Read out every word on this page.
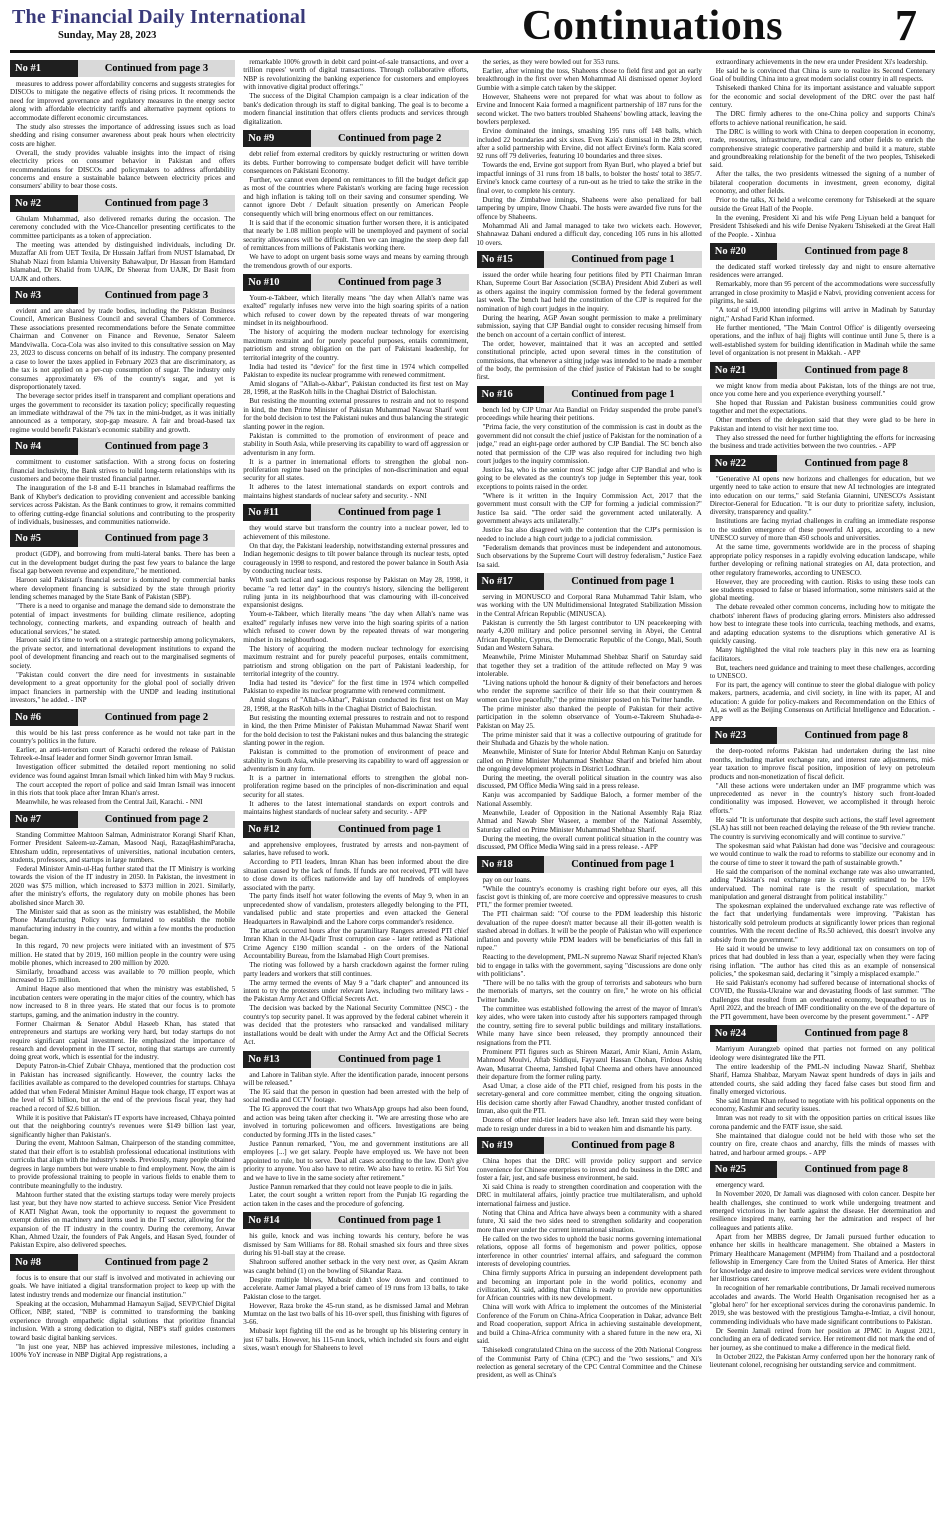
The Financial Daily International
Sunday, May 28, 2023	Continuations	7
No #1	Continued from page 3

measures to address power affordability concerns and suggests strategies for DISCOs to mitigate the negative effects of rising prices. It recommends the need for improved governance and regulatory measures in the energy sector along with affordable electricity tariffs and alternative payment options to accommodate different economic circumstances.

The study also stresses the importance of addressing issues such as load shedding and rising consumer awareness about peak hours when electricity costs are higher.

Overall, the study provides valuable insights into the impact of rising electricity prices on consumer behavior in Pakistan and offers recommendations for DISCOs and policymakers to address affordability concerns and ensure a sustainable balance between electricity prices and consumers' ability to bear those costs.

No #2	Continued from page 3

Ghulam Muhammad, also delivered remarks during the occasion. The ceremony concluded with the Vice-Chancellor presenting certificates to the committee participants as a token of appreciation.

The meeting was attended by distinguished individuals, including Dr. Muzaffar Ali from UET Texila, Dr Hussain Jaffari from NUST Islamabad, Dr Shahab Niazi from Islamia University Bahawalpur, Dr Hassan from Hamdard Islamabad, Dr Khalid from UAJK, Dr Sheeraz from UAJK, Dr Basit from UAJK and others.

No #3	Continued from page 3

evident and are shared by trade bodies, including the Pakistan Business Council, American Business Council and several Chambers of Commerce. These associations presented recommendations before the Senate committee Chairman and Convener on Finance and Revenue, Senator Saleem Mandviwalla. Coca-Cola was also invited to this consultative session on May 23, 2023 to discuss concerns on behalf of its industry. The company presented a case to lower the taxes applied in February 2023 that are discriminatory, as the tax is not applied on a per-cup consumption of sugar. The industry only consumes approximately 6% of the country's sugar, and yet is disproportionately taxed.

The beverage sector prides itself in transparent and compliant operations and urges the government to reconsider its taxation policy; specifically requesting an immediate withdrawal of the 7% tax in the mini-budget, as it was initially announced as a temporary, stop-gap measure. A fair and broad-based tax regime would benefit Pakistan's economic stability and growth.

No #4	Continued from page 3

commitment to customer satisfaction. With a strong focus on fostering financial inclusivity, the Bank strives to build long-term relationships with its customers and become their trusted financial partner.

The inauguration of the I-8 and E-11 branches in Islamabad reaffirms the Bank of Khyber's dedication to providing convenient and accessible banking services across Pakistan. As the Bank continues to grow, it remains committed to offering cutting-edge financial solutions and contributing to the prosperity of individuals, businesses, and communities nationwide.

No #5	Continued from page 3

product (GDP), and borrowing from multi-lateral banks. There has been a cut in the development budget during the past few years to balance the large fiscal gap between revenue and expenditure," he mentioned.

Haroon said Pakistan's financial sector is dominated by commercial banks where development financing is subsidized by the state through priority lending schemes managed by the State Bank of Pakistan (SBP).

"There is a need to organise and manage the demand side to demonstrate the potential of impact investments for building climate resilience, adopting technology, connecting markets, and expanding outreach of health and educational services," he stated.

Haroon said it's time to work on a strategic partnership among policymakers, the private sector, and international development institutions to expand the pool of development financing and reach out to the marginalised segments of society.

"Pakistan could convert the dire need for investments in sustainable development to a great opportunity for the global pool of socially driven impact financiers in partnership with the UNDP and leading institutional investors," he added. - INP

No #6	Continued from page 2

this would be his last press conference as he would not take part in the country's politics in the future.

Earlier, an anti-terrorism court of Karachi ordered the release of Pakistan Tehreek-e-Insaf leader and former Sindh governor Imran Ismail.

Investigation officer submitted the detailed report mentioning no solid evidence was found against Imran Ismail which linked him with May 9 ruckus.

The court accepted the report of police and said Imran Ismail was innocent in this riots that took place after Imran Khan's arrest.

Meanwhile, he was released from the Central Jail, Karachi. - NNI

No #7	Continued from page 2

Standing Committee Mahtoon Salman, Administrator Korangi Sharif Khan, Former President Saleem-uz-Zaman, Masood Naqi, RazaqHashimParacha, Ehtesham uddin, representatives of universities, national incubation centers, students, professors, and startups in large numbers.

Federal Minister Amin-ul-Haq further stated that the IT Ministry is working towards the vision of the IT industry in 2050. In Pakistan, the investment in 2020 was $75 million, which increased to $373 million in 2021. Similarly, after the ministry's efforts, the regulatory duty on mobile phones has been abolished since March 30.

The Minister said that as soon as the ministry was established, the Mobile Phone Manufacturing Policy was formulated to establish the mobile manufacturing industry in the country, and within a few months the production began.

In this regard, 70 new projects were initiated with an investment of $75 million. He stated that by 2019, 160 million people in the country were using mobile phones, which increased to 200 million by 2020.

Similarly, broadband access was available to 70 million people, which increased to 125 million.

Aminul Haque also mentioned that when the ministry was established, 5 incubation centers were operating in the major cities of the country, which has now increased to 8 in three years. He stated that our focus is to promote startups, gaming, and the animation industry in the country.

Former Chairman & Senator Abdul Haseeb Khan, has stated that entrepreneurs and startups are working very hard, but today startups do not require significant capital investment. He emphasized the importance of research and development in the IT sector, noting that startups are currently doing great work, which is essential for the industry.

Deputy Patron-in-Chief Zubair Chhaya, mentioned that the production cost in Pakistan has increased significantly. However, the country lacks the facilities available as compared to the developed countries for startups. Chhaya added that when Federal Minister Aminul Haque took charge, IT export was at the level of $1 billion, but at the end of the previous fiscal year, they had reached a record of $2.6 billion.

While it is positive that Pakistan's IT exports have increased, Chhaya pointed out that the neighboring country's revenues were $149 billion last year, significantly higher than Pakistan's.

During the event, Mahtoon Salman, Chairperson of the standing committee, stated that their effort is to establish professional educational institutions with curricula that align with the industry's needs. Previously, many people obtained degrees in large numbers but were unable to find employment. Now, the aim is to provide professional training to people in various fields to enable them to contribute meaningfully to the industry.

Mahtoon further stated that the existing startups today were merely projects last year, but they have now started to achieve success. Senior Vice President of KATI Nighat Awan, took the opportunity to request the government to exempt duties on machinery and items used in the IT sector, allowing for the expansion of the IT industry in the country. During the ceremony, Anwar Khan, Ahmed Uzair, the founders of Pak Angels, and Hasan Syed, founder of Pakistan Expire, also delivered speeches.

No #8	Continued from page 2

focus is to ensure that our staff is involved and motivated in achieving our goals. We have initiated a digital transformation project to keep up with the latest industry trends and modernize our financial institution."

Speaking at the occasion, Muhammad Hamayun Sajjad, SEVP/Chief Digital Officer, NBP, stated, "NBP is committed to transforming the banking experience through empathetic digital solutions that prioritize financial inclusion. With a strong dedication to digital, NBP's staff guides customers toward basic digital banking services.

"In just one year, NBP has achieved impressive milestones, including a 100% YoY increase in NBP Digital App registrations, a

remarkable 100% growth in debit card point-of-sale transactions, and over a trillion rupees' worth of digital transactions. Through collaborative efforts, NBP is revolutionizing the banking experience for customers and employees with innovative digital product offerings."

The success of the Digital Champion campaign is a clear indication of the bank's dedication through its staff to digital banking. The goal is to become a modern financial institution that offers clients products and services through digitalization.

No #9	Continued from page 2

debt relief from external creditors by quickly restructuring or written down its debts. Further borrowing to compensate budget deficit will have terrible consequences on Pakistani Economy.

Further, we cannot even depend on remittances to fill the budget deficit gap as most of the countries where Pakistan's working are facing huge recession and high inflation is taking toll on their saving and consumer spending. We cannot ignore Debt / Default situation presently on American People consequently which will bring enormous effect on our remittances.

It is said that if the economic situation further worsen there, it is anticipated that nearly be 1.08 million people will be unemployed and payment of social security allowances will be difficult. Then we can imagine the steep deep fall of remittances from millions of Pakistanis working there.

We have to adopt on urgent basis some ways and means by earning through the tremendous growth of our exports.

No #10	Continued from page 3

Youm-e-Takbeer, which literally means "the day when Allah's name was exalted" regularly infuses new verve into the high soaring spirits of a nation which refused to cower down by the repeated threats of war mongering mindset in its neighbourhood.

The history of acquiring the modern nuclear technology for exercising maximum restraint and for purely peaceful purposes, entails commitment, patriotism and strong obligation on the part of Pakistani leadership, for territorial integrity of the country.

India had tested its "device" for the first time in 1974 which compelled Pakistan to expedite its nuclear programme with renewed commitment.

Amid slogans of "Allah-o-Akbar", Pakistan conducted its first test on May 28, 1998, at the RasKoh hills in the Chaghai District of Balochistan.

But resisting the mounting external pressures to restrain and not to respond in kind, the then Prime Minister of Pakistan Muhammad Nawaz Sharif went for the bold decision to test the Pakistani nukes and thus balancing the strategic slanting power in the region.

Pakistan is committed to the promotion of environment of peace and stability in South Asia, while preserving its capability to ward off aggression or adventurism in any form.

It is a partner in international efforts to strengthen the global non-proliferation regime based on the principles of non-discrimination and equal security for all states.

It adheres to the latest international standards on export controls and maintains highest standards of nuclear safety and security. - NNI

No #11	Continued from page 1

they would starve but transform the country into a nuclear power, led to achievement of this milestone.

On that day, the Pakistani leadership, notwithstanding external pressures and Indian hegemonic designs to tilt power balance through its nuclear tests, opted courageously in 1998 to respond, and restored the power balance in South Asia by conducting nuclear tests.

With such tactical and sagacious response by Pakistan on May 28, 1998, it became "a red letter day" in the country's history, silencing the belligerent ruling junta in its neighbourhood that was clamouring with ill-conceived expansionist designs.

Youm-e-Takbeer, which literally means "the day when Allah's name was exalted" regularly infuses new verve into the high soaring spirits of a nation which refused to cower down by the repeated threats of war mongering mindset in its neighbourhood.

The history of acquiring the modern nuclear technology for exercising maximum restraint and for purely peaceful purposes, entails commitment, patriotism and strong obligation on the part of Pakistani leadership, for territorial integrity of the country.

India had tested its "device" for the first time in 1974 which compelled Pakistan to expedite its nuclear programme with renewed commitment.

Amid slogans of "Allah-o-Akbar", Pakistan conducted its first test on May 28, 1998, at the RasKoh hills in the Chaghai District of Balochistan.

But resisting the mounting external pressures to restrain and not to respond in kind, the then Prime Minister of Pakistan Muhammad Nawaz Sharif went for the bold decision to test the Pakistani nukes and thus balancing the strategic slanting power in the region.

Pakistan is committed to the promotion of environment of peace and stability in South Asia, while preserving its capability to ward off aggression or adventurism in any form.

It is a partner in international efforts to strengthen the global non-proliferation regime based on the principles of non-discrimination and equal security for all states.

It adheres to the latest international standards on export controls and maintains highest standards of nuclear safety and security. - APP

No #12	Continued from page 1

and apprehensive employees, frustrated by arrests and non-payment of salaries, have refused to work.

According to PTI leaders, Imran Khan has been informed about the dire situation caused by the lack of funds. If funds are not received, PTI will have to close down its offices nationwide and lay off hundreds of employees associated with the party.

The party finds itself hot water following the events of May 9, when in an unprecedented show of vandalism, protesters allegedly belonging to the PTI, vandalised public and state properties and even attacked the General Headquarters in Rawalpindi and the Lahore corps commander's residence.

The attack occurred hours after the paramilitary Rangers arrested PTI chief Imran Khan in the Al-Qadir Trust corruption case - later retitled as National Crime Agency £190 million scandal - on the orders of the National Accountability Bureau, from the Islamabad High Court premises.

The rioting was followed by a harsh crackdown against the former ruling party leaders and workers that still continues.

The army termed the events of May 9 a "dark chapter" and announced its intent to try the protesters under relevant laws, including two military laws - the Pakistan Army Act and Official Secrets Act.

The decision was backed by the National Security Committee (NSC) - the country's top security panel. It was approved by the federal cabinet wherein it was decided that the protesters who ransacked and vandalised military installations would be dealt with under the Army Act and the Official Secrets Act.

No #13	Continued from page 1

and Lahore in Taliban style. After the identification parade, innocent persons will be released."

The IG said that the person in question had been arrested with the help of social media and CCTV footage.

The IG approved the court that two WhatsApp groups had also been found, and action was being taken after checking it. "We are arresting those who are involved in torturing policewomen and officers. Investigations are being conducted by forming JITs in the listed cases."

Justice Pannun remarked, "You, me and government institutions are all employees [...] we get salary. People have employed us. We have not been appointed to rule, but to serve. Deal all cases according to the law. Don't give priority to anyone. You also have to retire. We also have to retire. IG Sir! You and we have to live in the same society after retirement."

Justice Pannun remarked that they could not leave people to die in jails.

Later, the court sought a written report from the Punjab IG regarding the action taken in the cases and the procedure of gofencing.

No #14	Continued from page 1

his guile, knock and was inching towards his century, before he was dismissed by Sam Williams for 88. Rohail smashed six fours and three sixes during his 91-ball stay at the crease.

Shahroon suffered another setback in the very next over, as Qasim Akram was caught behind (1) on the bowling of Sikandar Raza.

Despite multiple blows, Mubasir didn't slow down and continued to accelerate. Aamer Jamal played a brief cameo of 19 runs from 13 balls, to take Pakistan close to the target.

However, Raza broke the 45-run stand, as he dismissed Jamal and Mehran Mumtaz on the last two balls of his 10-over spell, thus finishing with figures of 3-66.

Mubasir kept fighting till the end as he brought up his blistering century in just 67 balls. However, his 115-run knock, which included six fours and eight sixes, wasn't enough for Shaheens to level

the series, as they were bowled out for 353 runs.

Earlier, after winning the toss, Shaheens chose to field first and got an early breakthrough in the first over when Mohammad Ali dismissed opener Joylord Gumbie with a simple catch taken by the skipper.

However, Shaheens were not prepared for what was about to follow as Ervine and Innocent Kaia formed a magnificent partnership of 187 runs for the second wicket. The two batters troubled Shaheens' bowling attack, leaving the bowlers perplexed.

Ervine dominated the innings, smashing 195 runs off 148 balls, which included 22 boundaries and six sixes. Even Kaia's dismissal in the 28th over, after a solid partnership with Ervine, did not affect Ervine's form. Kaia scored 92 runs off 79 deliveries, featuring 10 boundaries and three sixes.

Towards the end, Ervine got support from Ryan Burl, who played a brief but impactful innings of 31 runs from 18 balls, to bolster the hosts' total to 385/7. Ervine's knock came courtesy of a run-out as he tried to take the strike in the final over, to complete his century.

During the Zimbabwe innings, Shaheens were also penalized for ball tampering by umpire, Ilnow Chaabi. The hosts were awarded five runs for the offence by Shaheens.

Mohammad Ali and Jamal managed to take two wickets each. However, Shahnawaz Dahani endured a difficult day, conceding 105 runs in his allotted 10 overs.

No #15	Continued from page 1

issued the order while hearing four petitions filed by PTI Chairman Imran Khan, Supreme Court Bar Association (SCBA) President Abid Zuberi as well as others against the inquiry commission formed by the federal government last week. The bench had held the constitution of the CJP is required for the nomination of high court judges in the inquiry.

During the hearing, AGP Awan sought permission to make a preliminary submission, saying that CJP Bandial ought to consider recusing himself from the bench on account of a certain conflict of interest.

The order, however, maintained that it was an accepted and settled constitutional principle, acted upon several times in the constitution of commissions, that whenever a sitting judge was intended to be made a member of the body, the permission of the chief justice of Pakistan had to be sought first.

No #16	Continued from page 1

bench led by CJP Umar Ata Bandial on Friday suspended the probe panel's proceedings while hearing their petitions.

"Prima facie, the very constitution of the commission is cast in doubt as the government did not consult the chief justice of Pakistan for the nomination of a judge," read an eight-page order authored by CJP Bandial. The SC bench also noted that permission of the CJP was also required for including two high court judges to the inquiry commission.

Justice Isa, who is the senior most SC judge after CJP Bandial and who is going to be elevated as the country's top judge in September this year, took exceptions to points raised in the order.

"Where is it written in the Inquiry Commission Act, 2017 that the government must consult with the CJP for forming a judicial commission?" Justice Isa said. "The order said the government acted unilaterally. A government always acts unilaterally."

Justice Isa also disagreed with the contention that the CJP's permission is needed to include a high court judge to a judicial commission.

"Federalism demands that provinces must be independent and autonomous. Such observations by the Supreme Court will destroy federalism," Justice Faez Isa said.

No #17	Continued from page 1

serving in MONUSCO and Corporal Rana Muhammad Tahir Islam, who was working with the UN Multidimensional Integrated Stabilization Mission in the Central African Republic (MINUSCA).

Pakistan is currently the 5th largest contributor to UN peacekeeping with nearly 4,200 military and police personnel serving in Abyei, the Central African Republic, Cyprus, the Democratic Republic of the Congo, Mali, South Sudan and Western Sahara.

Meanwhile, Prime Minister Muhammad Shehbaz Sharif on Saturday said that together they set a tradition of the attitude reflected on May 9 was intolerable.

"Living nations uphold the honour & dignity of their benefactors and heroes who render the supreme sacrifice of their life so that their countrymen & women can live peacefully," the prime minister posted on his Twitter handle.

The prime minister also thanked the people of Pakistan for their active participation in the solemn observance of Youm-e-Takreem Shuhada-e-Pakistan on May 25.

The prime minister said that it was a collective outpouring of gratitude for their Shuhada and Ghazis by the whole nation.

Meanwhile, Minister of State for Interior Abdul Rehman Kanju on Saturday called on Prime Minister Muhammad Shehbaz Sharif and briefed him about the ongoing development projects in District Lodhran.

During the meeting, the overall political situation in the country was also discussed, PM Office Media Wing said in a press release.

Kanju was accompanied by Saddique Baloch, a former member of the National Assembly.

Meanwhile, Leader of Opposition in the National Assembly Raja Riaz Ahmad and Nawab Sher Waseer, a member of the National Assembly, Saturday called on Prime Minister Muhammad Shehbaz Sharif.

During the meeting, the overall current political situation in the country was discussed, PM Office Media Wing said in a press release. - APP

No #18	Continued from page 1

pay on our loans.

"While the country's economy is crashing right before our eyes, all this fascist govt is thinking of, are more coercive and oppressive measures to crush PTI," the former premier tweeted.

The PTI chairman said: "Of course to the PDM leadership this historic devaluation of the rupee doesn't matter because all their ill-gotten wealth is stashed abroad in dollars. It will be the people of Pakistan who will experience inflation and poverty while PDM leaders will be beneficiaries of this fall in rupee."

Reacting to the development, PML-N supremo Nawaz Sharif rejected Khan's bid to engage in talks with the government, saying "discussions are done only with politicians".

"There will be no talks with the group of terrorists and saboteurs who burn the memorials of martyrs, set the country on fire," he wrote on his official Twitter handle.

The committee was established following the arrest of the mayor of Imran's key aides, who were taken into custody after his supporters rampaged through the country, setting fire to several public buildings and military installations. While many have since been released, they promptly announced their resignations from the PTI.

Prominent PTI figures such as Shireen Mazari, Amir Kiani, Amin Aslam, Mahmood Moulvi, Aftab Siddiqui, Fayyazul Hassan Chohan, Firdous Ashiq Awan, Musarrat Cheema, Jamshed Iqbal Cheema and others have announced their departure from the former ruling party.

Asad Umar, a close aide of the PTI chief, resigned from his posts in the secretary-general and core committee member, citing the ongoing situation. His decision came shortly after Fawad Chaudhry, another trusted confidant of Imran, also quit the PTI.

Dozens of other mid-tier leaders have also left. Imran said they were being made to resign under duress in a bid to weaken him and dismantle his party.

No #19	Continued from page 8

China hopes that the DRC will provide policy support and service convenience for Chinese enterprises to invest and do business in the DRC and foster a fair, just, and safe business environment, he said.

Xi said China is ready to strengthen coordination and cooperation with the DRC in multilateral affairs, jointly practice true multilateralism, and uphold international fairness and justice.

Noting that China and Africa have always been a community with a shared future, Xi said the two sides need to strengthen solidarity and cooperation more than ever under the current international situation.

He called on the two sides to uphold the basic norms governing international relations, oppose all forms of hegemonism and power politics, oppose interference in other countries' internal affairs, and safeguard the common interests of developing countries.

China firmly supports Africa in pursuing an independent development path and becoming an important pole in the world politics, economy and civilization, Xi said, adding that China is ready to provide new opportunities for African countries with its new development.

China will work with Africa to implement the outcomes of the Ministerial Conference of the Forum on China-Africa Cooperation in Dakar, advance Belt and Road cooperation, support Africa in achieving sustainable development, and build a China-Africa community with a shared future in the new era, Xi said.

Tshisekedi congratulated China on the success of the 20th National Congress of the Communist Party of China (CPC) and the "two sessions," and Xi's reelection as general secretary of the CPC Central Committee and the Chinese president, as well as China's

extraordinary achievements in the new era under President Xi's leadership.

He said he is convinced that China is sure to realize its Second Centenary Goal of building China into a great modern socialist country in all respects.

Tshisekedi thanked China for its important assistance and valuable support for the economic and social development of the DRC over the past half century.

The DRC firmly adheres to the one-China policy and supports China's efforts to achieve national reunification, he said.

The DRC is willing to work with China to deepen cooperation in economy, trade, resources, infrastructure, medical care and other fields to enrich the comprehensive strategic cooperative partnership and build it a mature, stable and groundbreaking relationship for the benefit of the two peoples, Tshisekedi said.

After the talks, the two presidents witnessed the signing of a number of bilateral cooperation documents in investment, green economy, digital economy, and other fields.

Prior to the talks, Xi held a welcome ceremony for Tshisekedi at the square outside the Great Hall of the People.

In the evening, President Xi and his wife Peng Liyuan held a banquet for President Tshisekedi and his wife Denise Nyakeru Tshisekedi at the Great Hall of the People. - Xinhua

No #20	Continued from page 8

the dedicated staff worked tirelessly day and night to ensure alternative residences were arranged.

Remarkably, more than 95 percent of the accommodations were successfully arranged in close proximity to Masjid e Nabvi, providing convenient access for pilgrims, he said.

"A total of 19,000 intending pilgrims will arrive in Madinah by Saturday night," Arshad Farid Khan informed.

He further mentioned, "The 'Main Control Office' is diligently overseeing operations, and the influx of hajj flights will continue until June 5, there is a well-established system for building identification in Madinah while the same level of organization is not present in Makkah. - APP

No #21	Continued from page 8

we might know from media about Pakistan, lots of the things are not true, once you come here and you experience everything yourself."

She hoped that Russian and Pakistan business communities could grow together and met the expectations.

Other members of the delegation said that they were glad to be here in Pakistan and intend to visit her next time too.

They also stressed the need for further highlighting the efforts for increasing the business and trade activities between the two countries. - APP

No #22	Continued from page 8

"Generative AI opens new horizons and challenges for education, but we urgently need to take action to ensure that new AI technologies are integrated into education on our terms," said Stefania Giannini, UNESCO's Assistant Director-General for Education. "It is our duty to prioritize safety, inclusion, diversity, transparency and quality."

Institutions are facing myriad challenges in crafting an immediate response to the sudden emergence of these powerful AI apps, according to a new UNESCO survey of more than 450 schools and universities.

At the same time, governments worldwide are in the process of shaping appropriate policy responses in a rapidly evolving education landscape, while further developing or refining national strategies on AI, data protection, and other regulatory frameworks, according to UNESCO.

However, they are proceeding with caution. Risks to using these tools can see students exposed to false or biased information, some ministers said at the global meeting.

The debate revealed other common concerns, including how to mitigate the chatbots' inherent flaws of producing glaring errors. Ministers also addressed how best to integrate these tools into curricula, teaching methods, and exams, and adapting education systems to the disruptions which generative AI is quickly causing.

Many highlighted the vital role teachers play in this new era as learning facilitators.

But, teachers need guidance and training to meet these challenges, according to UNESCO.

For its part, the agency will continue to steer the global dialogue with policy makers, partners, academia, and civil society, in line with its paper, AI and education: A guide for policy-makers and Recommendation on the Ethics of AI, as well as the Beijing Consensus on Artificial Intelligence and Education. - APP

No #23	Continued from page 8

the deep-rooted reforms Pakistan had undertaken during the last nine months, including market exchange rate, and interest rate adjustments, mid-year taxation to improve fiscal position, imposition of levy on petroleum products and non-monetization of fiscal deficit.

"All these actions were undertaken under an IMF programme which was unprecedented as never in the country's history such front-loaded conditionality was imposed. However, we accomplished it through heroic efforts."

He said "It is unfortunate that despite such actions, the staff level agreement (SLA) has still not been reached delaying the release of the 9th review tranche. The country is surviving economically and will continue to survive."

The spokesman said what Pakistan had done was "decisive and courageous: we would continue to walk the road to reforms to stabilize our economy and in the course of time to steer it toward the path of sustainable growth."

He said the comparison of the nominal exchange rate was also unwarranted, adding "Pakistan's real exchange rate is currently estimated to be 15% undervalued. The nominal rate is the result of speculation, market manipulation and general distraught from political instability."

The spokesman explained the undervalued exchange rate was reflective of the fact that underlying fundamentals were improving. "Pakistan has historically sold petroleum products at significantly lower prices than regional countries. With the recent decline of Rs.50 achieved, this doesn't involve any subsidy from the government."

He said it would be unwise to levy additional tax on consumers on top of prices that had doubled in less than a year, especially when they were facing rising inflation. "The author has cited this as an example of nonsensical policies," the spokesman said, declaring it "simply a misplaced example."

He said Pakistan's economy had suffered because of international shocks of COVID, the Russia-Ukraine war and devastating floods of last summer. "The challenges that resulted from an overheated economy, bequeathed to us in April 2022, and the breach of IMF conditionality on the eve of the departure of the PTI government, have been overcome by the present government." - APP

No #24	Continued from page 8

Marriyum Aurangzeb opined that parties not formed on any political ideology were disintegrated like the PTI.

The entire leadership of the PML-N including Nawaz Sharif, Shehbaz Sharif, Hamza Shahbaz, Maryam Nawaz spent hundreds of days in jails and attended courts, she said adding they faced false cases but stood firm and finally emerged victorious.

She said Imran Khan refused to negotiate with his political opponents on the economy, Kashmir and security issues.

Imran was not ready to sit with the opposition parties on critical issues like corona pandemic and the FATF issue, she said.

She maintained that dialogue could not be held with those who set the country on fire, create chaos and anarchy, fills the minds of masses with hatred, and harbour armed groups. - APP

No #25	Continued from page 8

emergency ward.

In November 2020, Dr Jamali was diagnosed with colon cancer. Despite her health challenges, she continued to work while undergoing treatment and emerged victorious in her battle against the disease. Her determination and resilience inspired many, earning her the admiration and respect of her colleagues and patients alike.

Apart from her MBBS degree, Dr Jamali pursued further education to enhance her skills in healthcare management. She obtained a Masters in Primary Healthcare Management (MPHM) from Thailand and a postdoctoral fellowship in Emergency Care from the United States of America. Her thirst for knowledge and desire to improve medical services were evident throughout her illustrious career.

In recognition of her remarkable contributions, Dr Jamali received numerous accolades and awards. The World Health Organisation recognised her as a "global hero" for her exceptional services during the coronavirus pandemic. In 2019, she was bestowed with the prestigious Tamgha-e-Imtiaz, a civil honour, commending individuals who have made significant contributions to Pakistan.

Dr Seemin Jamali retired from her position at JPMC in August 2021, concluding an era of dedicated service. Her retirement did not mark the end of her journey, as she continued to make a difference in the medical field.

In October 2022, the Pakistan Army conferred upon her the honorary rank of lieutenant colonel, recognising her outstanding service and commitment.
